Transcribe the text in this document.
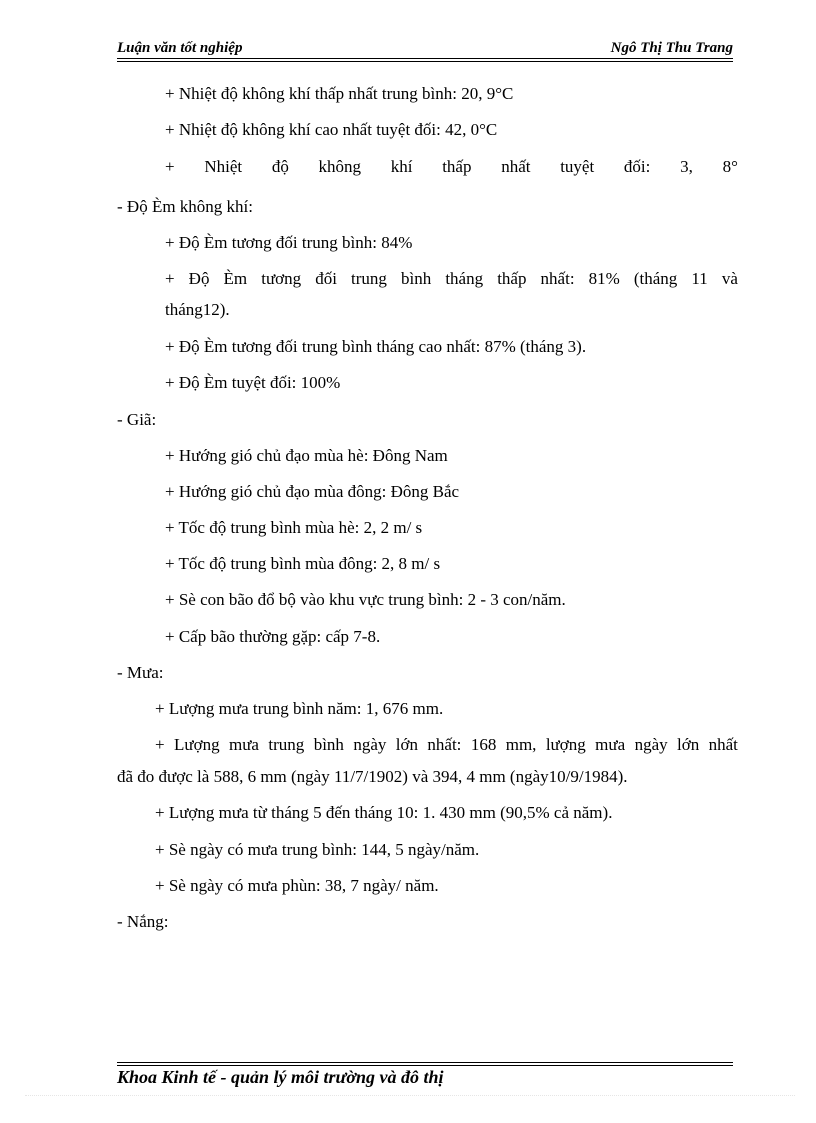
Luận văn tốt nghiệp	Ngô Thị Thu Trang
+ Nhiệt độ không khí thấp nhất trung bình: 20, 9°C
+ Nhiệt độ không khí cao nhất tuyệt đối: 42, 0°C
+ Nhiệt độ không khí thấp nhất tuyệt đối: 3, 8°
- Độ Èm không khí:
+ Độ Èm tương đối trung bình: 84%
+ Độ Èm tương đối trung bình tháng thấp nhất: 81% (tháng 11 và
tháng12).
+ Độ Èm tương đối trung bình tháng cao nhất: 87% (tháng 3).
+ Độ Èm tuyệt đối: 100%
- Giã:
+ Hướng gió chủ đạo mùa hè: Đông Nam
+ Hướng gió chủ đạo mùa đông: Đông Bắc
+ Tốc độ trung bình mùa hè: 2, 2 m/ s
+ Tốc độ trung bình mùa đông: 2, 8 m/ s
+ Sè con bão đổ bộ vào khu vực trung bình: 2 - 3 con/năm.
+ Cấp bão thường gặp: cấp 7-8.
- Mưa:
+ Lượng mưa trung bình năm: 1, 676 mm.
+ Lượng mưa trung bình ngày lớn nhất: 168 mm, lượng mưa ngày lớn nhất
đã đo được là 588, 6 mm (ngày 11/7/1902) và 394, 4 mm (ngày10/9/1984).
+ Lượng mưa từ tháng 5 đến tháng 10: 1. 430 mm (90,5% cả năm).
+ Sè ngày có mưa trung bình: 144, 5 ngày/năm.
+ Sè ngày có mưa phùn: 38, 7 ngày/ năm.
- Nắng:
Khoa Kinh tế - quản lý môi trường và đô thị
